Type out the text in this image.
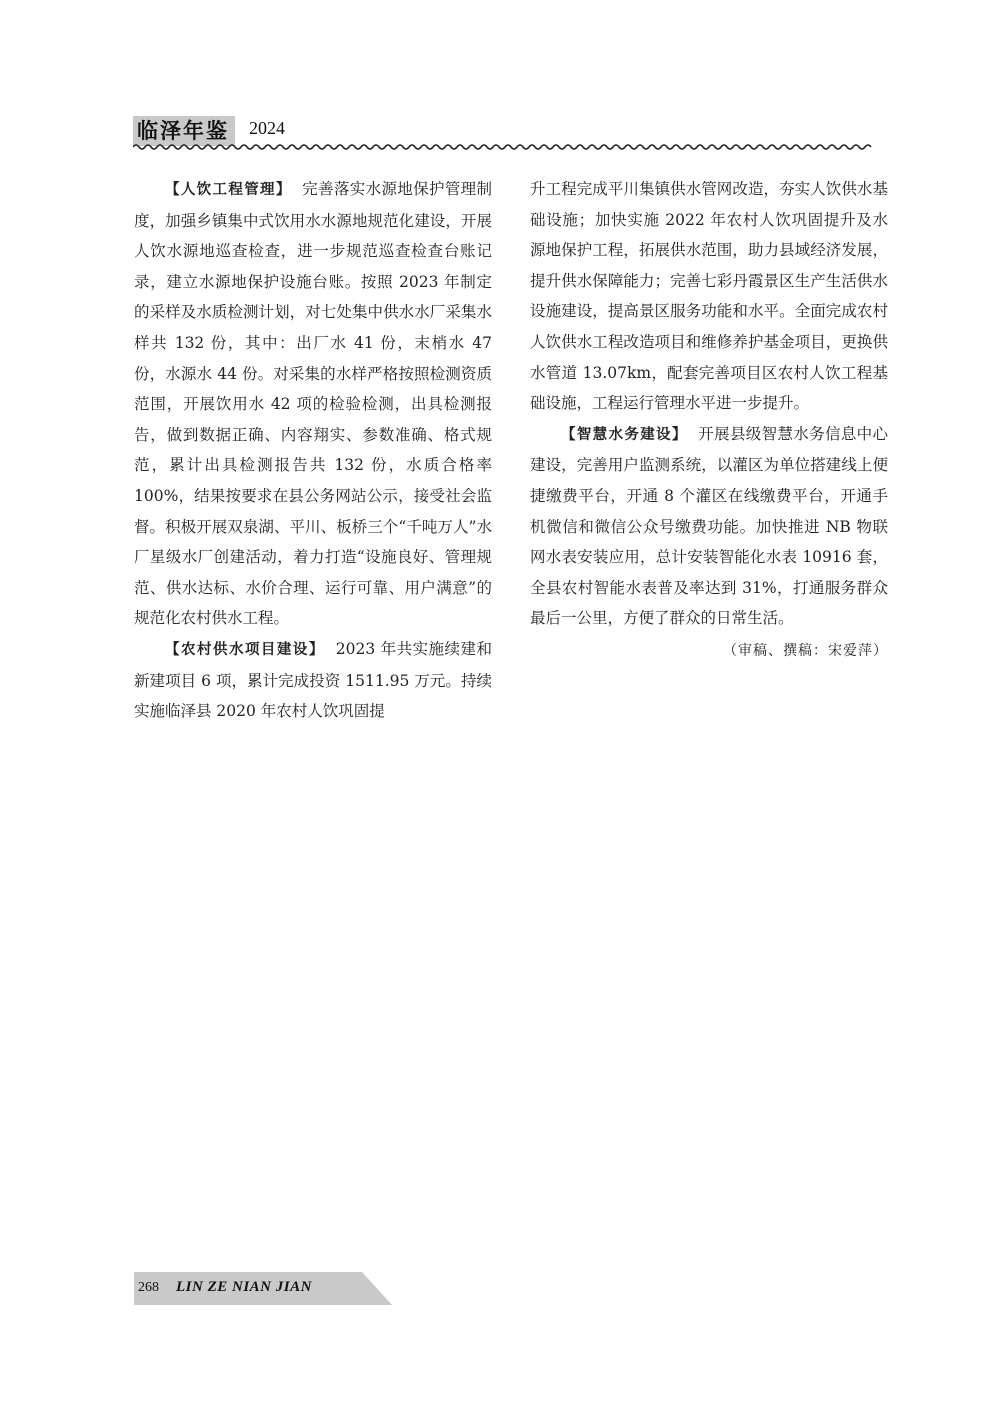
临泽年鉴	2024

【人饮工程管理】 完善落实水源地保护管理制度，加强乡镇集中式饮用水水源地规范化建设，开展人饮水源地巡查检查，进一步规范巡查检查台账记录，建立水源地保护设施台账。按照 2023 年制定的采样及水质检测计划，对七处集中供水水厂采集水样共 132 份，其中：出厂水 41 份，末梢水 47 份，水源水 44 份。对采集的水样严格按照检测资质范围，开展饮用水 42 项的检验检测，出具检测报告，做到数据正确、内容翔实、参数准确、格式规范，累计出具检测报告共 132 份，水质合格率 100%，结果按要求在县公务网站公示，接受社会监督。积极开展双泉湖、平川、板桥三个“千吨万人”水厂星级水厂创建活动，着力打造“设施良好、管理规范、供水达标、水价合理、运行可靠、用户满意”的规范化农村供水工程。

【农村供水项目建设】 2023 年共实施续建和新建项目 6 项，累计完成投资 1511.95 万元。持续实施临泽县 2020 年农村人饮巩固提

升工程完成平川集镇供水管网改造，夯实人饮供水基础设施；加快实施 2022 年农村人饮巩固提升及水源地保护工程，拓展供水范围，助力县域经济发展，提升供水保障能力；完善七彩丹霞景区生产生活供水设施建设，提高景区服务功能和水平。全面完成农村人饮供水工程改造项目和维修养护基金项目，更换供水管道 13.07km，配套完善项目区农村人饮工程基础设施，工程运行管理水平进一步提升。

【智慧水务建设】 开展县级智慧水务信息中心建设，完善用户监测系统，以灌区为单位搭建线上便捷缴费平台，开通 8 个灌区在线缴费平台，开通手机微信和微信公众号缴费功能。加快推进 NB 物联网水表安装应用，总计安装智能化水表 10916 套，全县农村智能水表普及率达到 31%，打通服务群众最后一公里，方便了群众的日常生活。

（审稿、撰稿：宋爱萍）

268 LIN ZE NIAN JIAN
